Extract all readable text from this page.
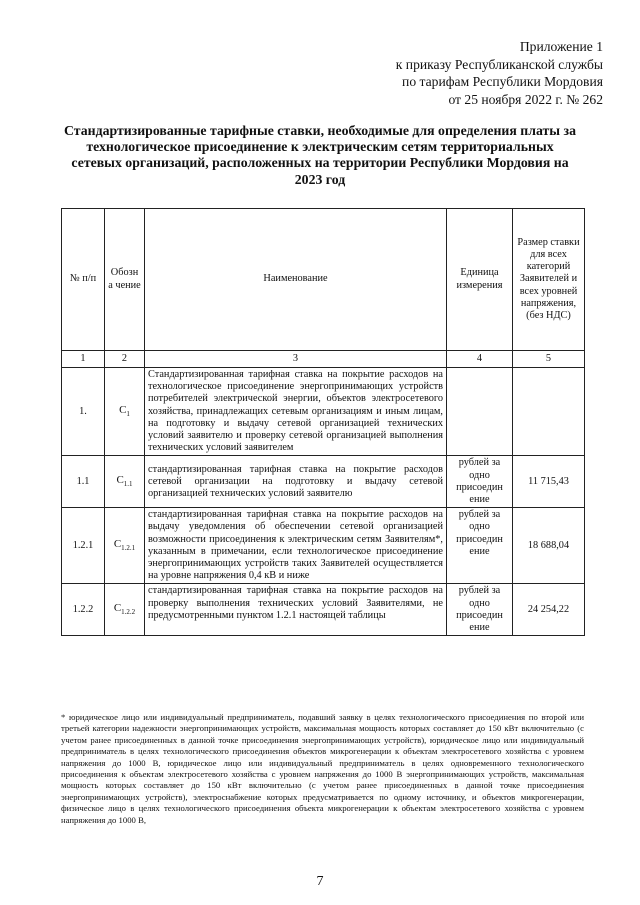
Приложение 1
к приказу Республиканской службы
по тарифам Республики Мордовия
от 25 ноября 2022 г. № 262
Стандартизированные тарифные ставки, необходимые для определения платы за технологическое присоединение к электрическим сетям территориальных сетевых организаций, расположенных на территории Республики Мордовия на 2023 год
№ п/п	Обозн а чение	Наименование	Единица измерения	Размер ставки для всех категорий Заявителей и всех уровней напряжения, (без НДС)
1	2	3	4	5
1.	$С_1$	Стандартизированная тарифная ставка на покрытие расходов на технологическое присоединение энергопринимающих устройств потребителей электрической энергии, объектов электросетевого хозяйства, принадлежащих сетевым организациям и иным лицам, на подготовку и выдачу сетевой организацией технических условий заявителю и проверку сетевой организацией выполнения технических условий заявителем		
1.1	$С_{1.1}$	стандартизированная тарифная ставка на покрытие расходов сетевой организации на подготовку и выдачу сетевой организацией технических условий заявителю	рублей за одно присоедин ение	11 715,43
1.2.1	$С_{1.2.1}$	стандартизированная тарифная ставка на покрытие расходов на выдачу уведомления об обеспечении сетевой организацией возможности присоединения к электрическим сетям Заявителям*, указанным в примечании, если технологическое присоединение энергопринимающих устройств таких Заявителей осуществляется на уровне напряжения 0,4 кВ и ниже	рублей за одно присоедин ение	18 688,04
1.2.2	$С_{1.2.2}$	стандартизированная тарифная ставка на покрытие расходов на проверку выполнения технических условий Заявителями, не предусмотренными пунктом 1.2.1 настоящей таблицы	рублей за одно присоедин ение	24 254,22
* юридическое лицо или индивидуальный предприниматель, подавший заявку в целях технологического присоединения по второй или третьей категории надежности энергопринимающих устройств, максимальная мощность которых составляет до 150 кВт включительно (с учетом ранее присоединенных в данной точке присоединения энергопринимающих устройств), юридическое лицо или индивидуальный предприниматель в целях технологического присоединения объектов микрогенерации к объектам электросетевого хозяйства с уровнем напряжения до 1000 В, юридическое лицо или индивидуальный предприниматель в целях одновременного технологического присоединения к объектам электросетевого хозяйства с уровнем напряжения до 1000 В энергопринимающих устройств, максимальная мощность которых составляет до 150 кВт включительно (с учетом ранее присоединенных в данной точке присоединения энергопринимающих устройств), электроснабжение которых предусматривается по одному источнику, и объектов микрогенерации, физическое лицо в целях технологического присоединения объекта микрогенерации к объектам электросетевого хозяйства с уровнем напряжения до 1000 В,
7
